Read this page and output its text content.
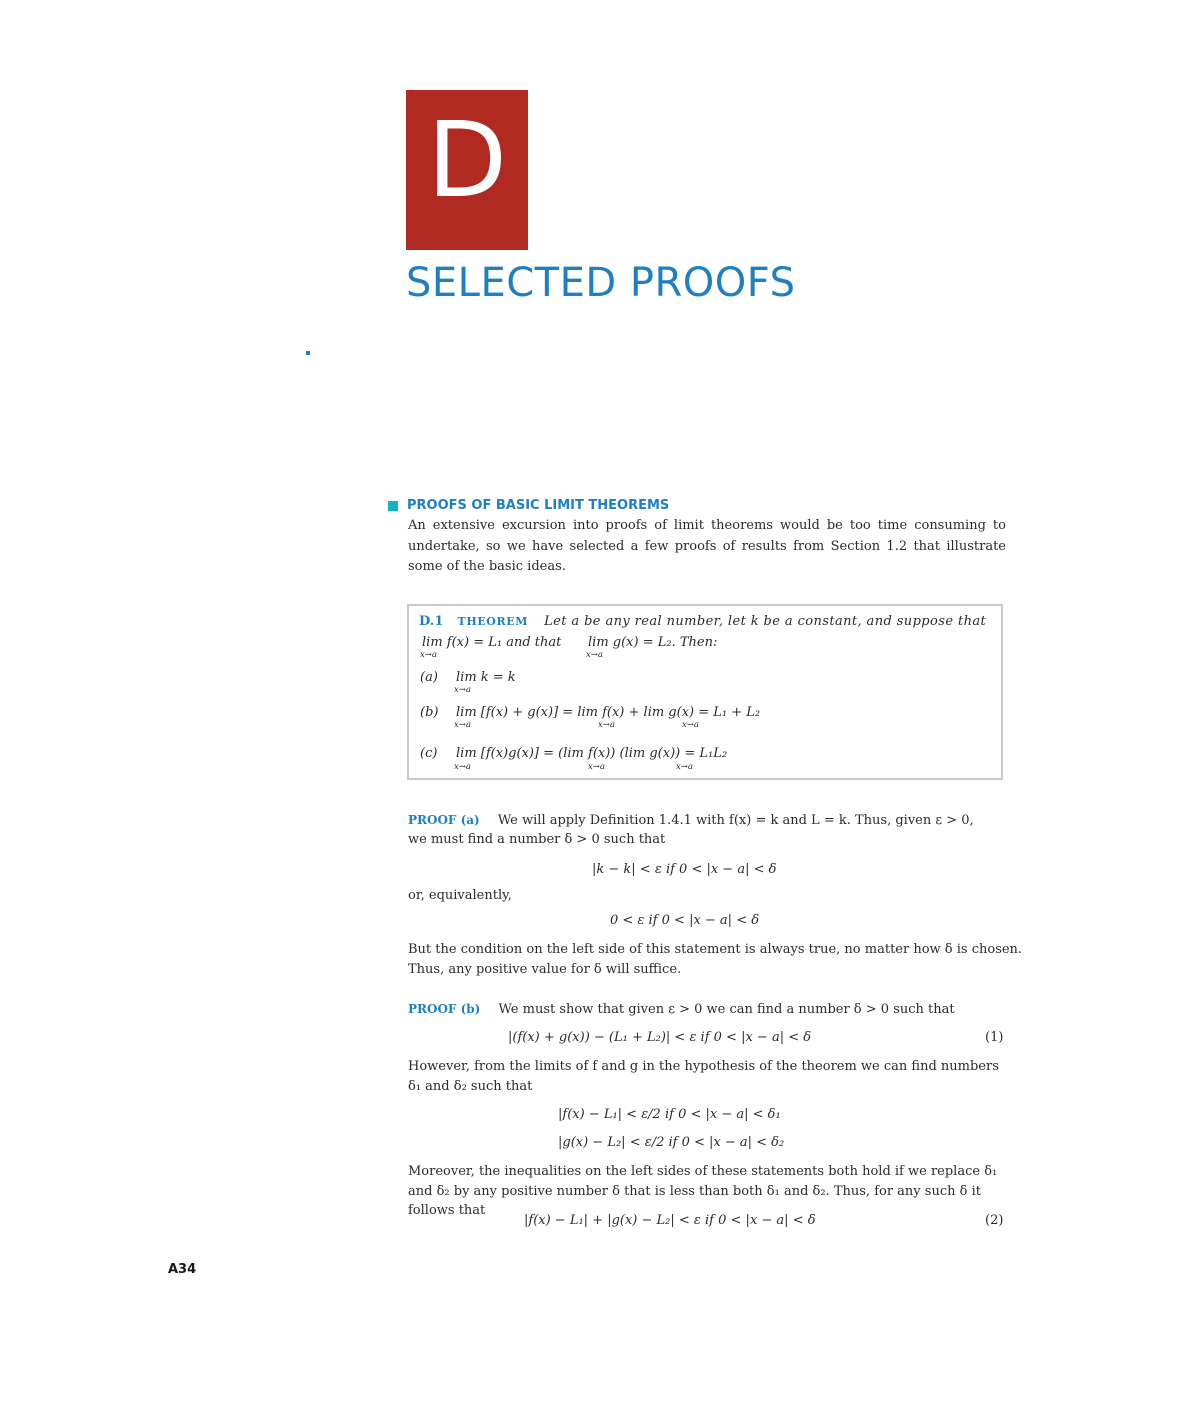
D
SELECTED PROOFS
PROOFS OF BASIC LIMIT THEOREMS

An extensive excursion into proofs of limit theorems would be too time consuming to undertake, so we have selected a few proofs of results from Section 1.2 that illustrate some of the basic ideas.

D.1 THEOREM Let a be any real number, let k be a constant, and suppose that
lim f(x) = L₁ and that
x→a
lim g(x) = L₂. Then:
x→a
(a) lim k = k
x→a
(b) lim [f(x) + g(x)] = lim f(x) + lim g(x) = L₁ + L₂
x→a	x→a	x→a
(c) lim [f(x)g(x)] = (lim f(x)) (lim g(x)) = L₁L₂
x→a	x→a	x→a
PROOF (a) We will apply Definition 1.4.1 with f(x) = k and L = k. Thus, given ε > 0,
we must find a number δ > 0 such that
|k − k| < ε if 0 < |x − a| < δ
or, equivalently,
0 < ε if 0 < |x − a| < δ
But the condition on the left side of this statement is always true, no matter how δ is chosen.
Thus, any positive value for δ will suffice.
PROOF (b) We must show that given ε > 0 we can find a number δ > 0 such that
|(f(x) + g(x)) − (L₁ + L₂)| < ε if 0 < |x − a| < δ	(1)
However, from the limits of f and g in the hypothesis of the theorem we can find numbers
δ₁ and δ₂ such that
|f(x) − L₁| < ε/2 if 0 < |x − a| < δ₁
|g(x) − L₂| < ε/2 if 0 < |x − a| < δ₂
Moreover, the inequalities on the left sides of these statements both hold if we replace δ₁
and δ₂ by any positive number δ that is less than both δ₁ and δ₂. Thus, for any such δ it
follows that
|f(x) − L₁| + |g(x) − L₂| < ε if 0 < |x − a| < δ	(2)
A34
